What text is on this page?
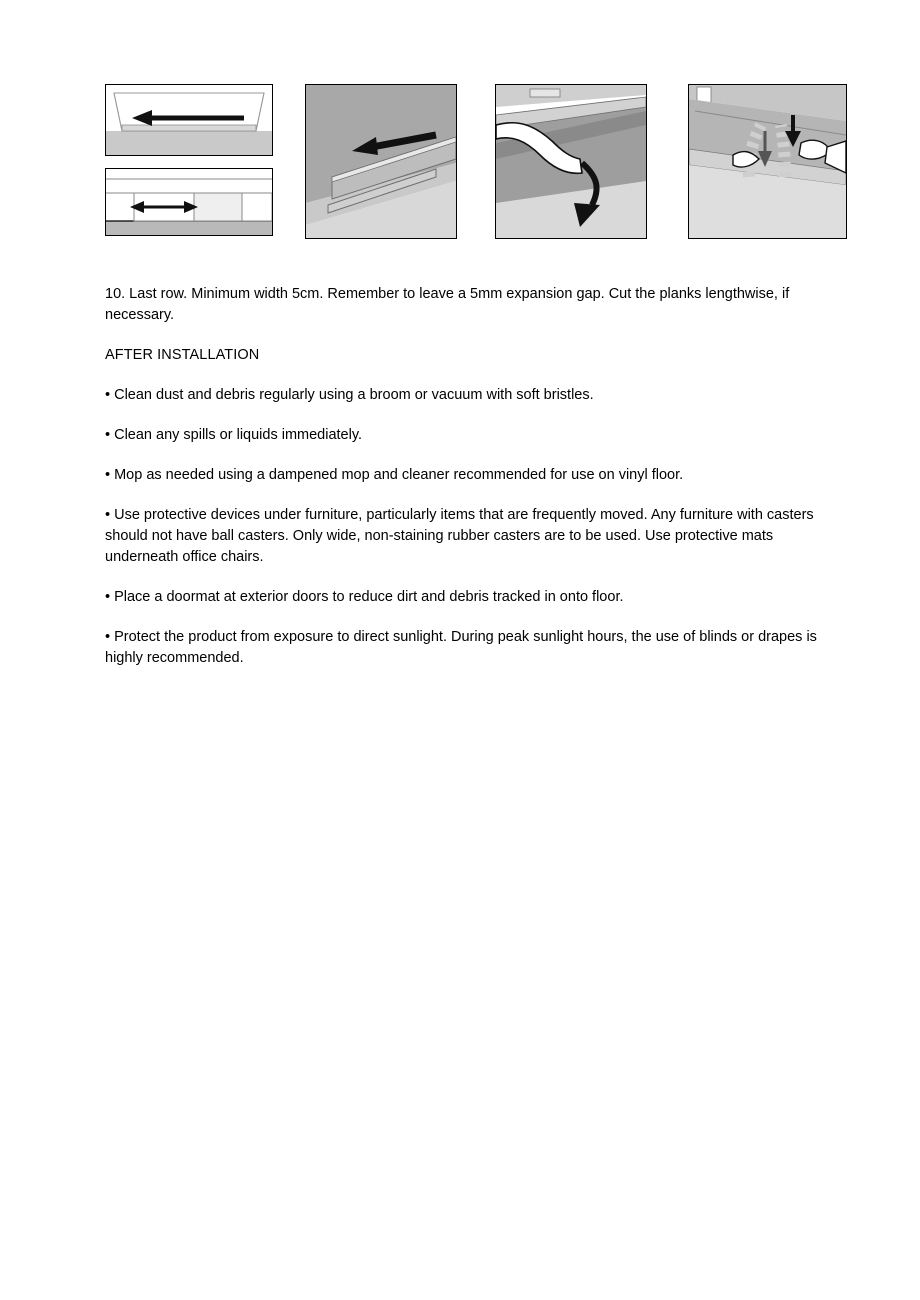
10. Last row. Minimum width 5cm. Remember to leave a 5mm expansion gap. Cut the planks lengthwise, if necessary.

AFTER INSTALLATION

• Clean dust and debris regularly using a broom or vacuum with soft bristles.

• Clean any spills or liquids immediately.

• Mop as needed using a dampened mop and cleaner recommended for use on vinyl floor.

• Use protective devices under furniture, particularly items that are frequently moved. Any furniture with casters should not have ball casters. Only wide, non-staining rubber casters are to be used. Use protective mats underneath office chairs.

• Place a doormat at exterior doors to reduce dirt and debris tracked in onto floor.

• Protect the product from exposure to direct sunlight. During peak sunlight hours, the use of blinds or drapes is highly recommended.
